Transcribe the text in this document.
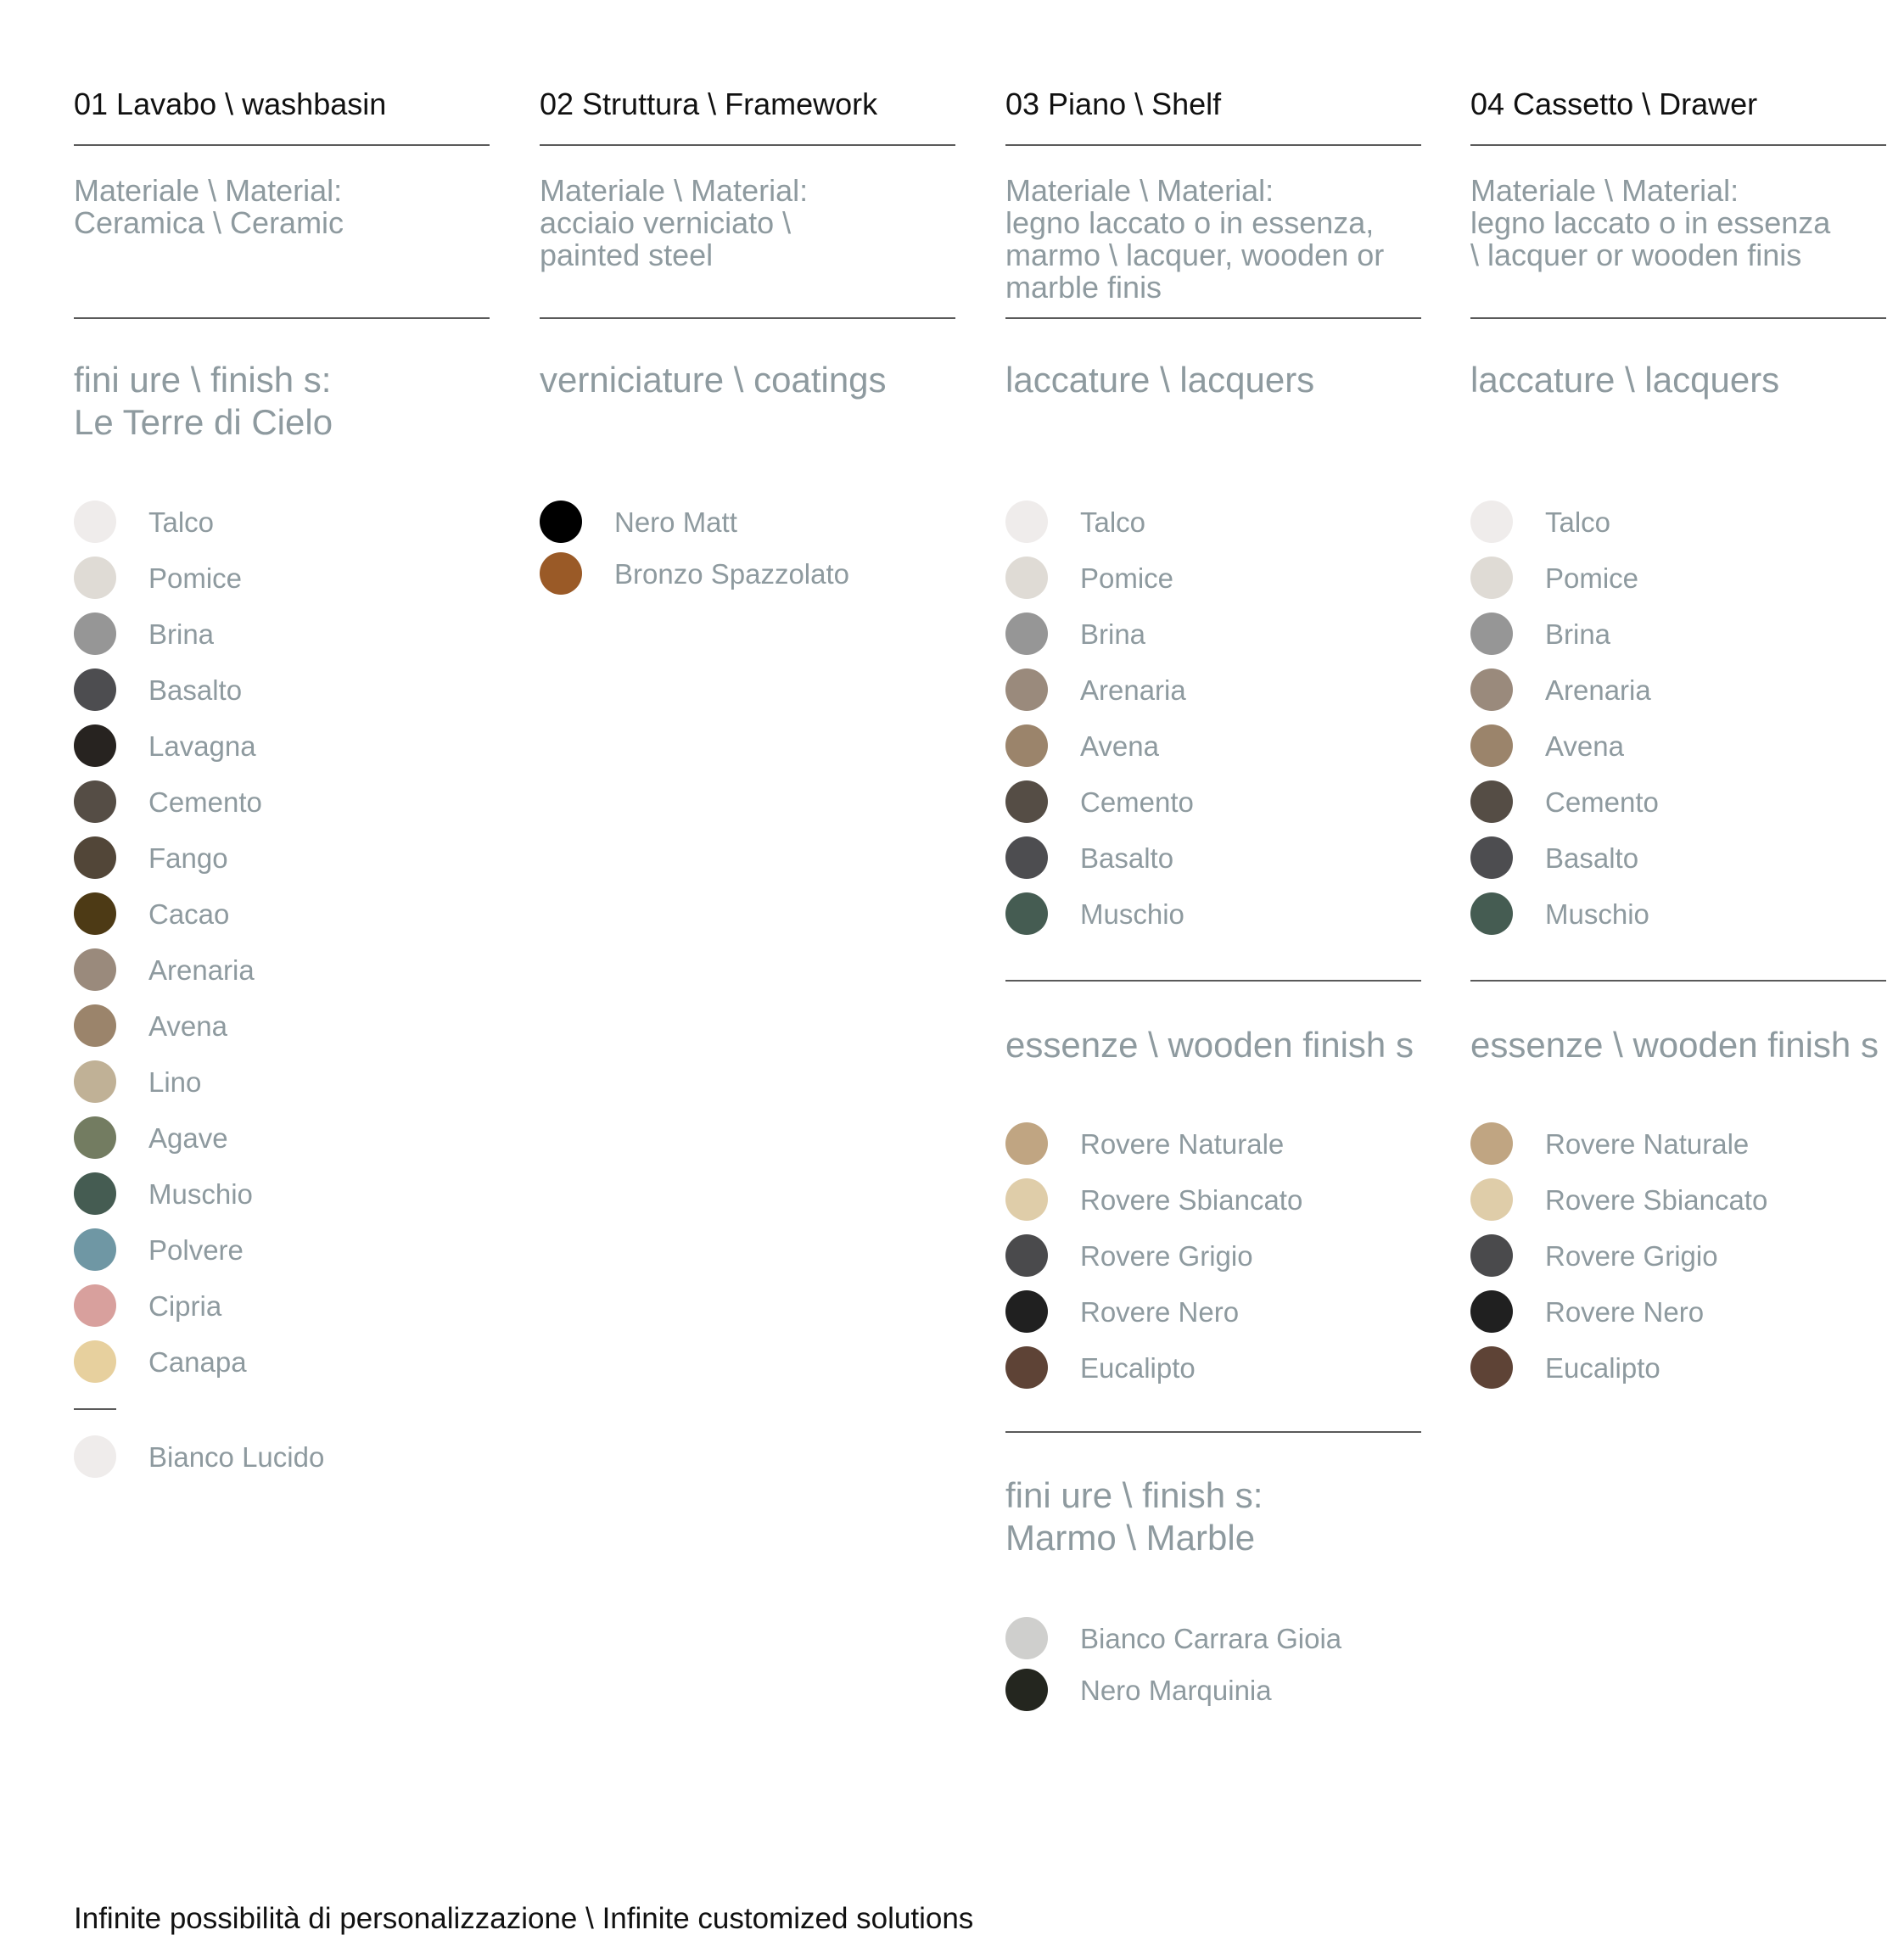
01 Lavabo \ washbasin
Materiale \ Material:
Ceramica \ Ceramic
fini ure \ finish s:
Le Terre di Cielo
Talco
Pomice
Brina
Basalto
Lavagna
Cemento
Fango
Cacao
Arenaria
Avena
Lino
Agave
Muschio
Polvere
Cipria
Canapa
Bianco Lucido
02 Struttura \ Framework
Materiale \ Material:
acciaio verniciato \
painted steel
verniciature \ coatings
Nero Matt
Bronzo Spazzolato
03 Piano \ Shelf
Materiale \ Material:
legno laccato o in essenza,
marmo \ lacquer, wooden or
marble finis
laccature \ lacquers
Talco
Pomice
Brina
Arenaria
Avena
Cemento
Basalto
Muschio
essenze \ wooden finish s
Rovere Naturale
Rovere Sbiancato
Rovere Grigio
Rovere Nero
Eucalipto
fini ure \ finish s:
Marmo \ Marble
Bianco Carrara Gioia
Nero Marquinia
04 Cassetto \ Drawer
Materiale \ Material:
legno laccato o in essenza
\ lacquer or wooden finis
laccature \ lacquers
Talco
Pomice
Brina
Arenaria
Avena
Cemento
Basalto
Muschio
essenze \ wooden finish s
Rovere Naturale
Rovere Sbiancato
Rovere Grigio
Rovere Nero
Eucalipto
Infinite possibilità di personalizzazione \ Infinite customized solutions
